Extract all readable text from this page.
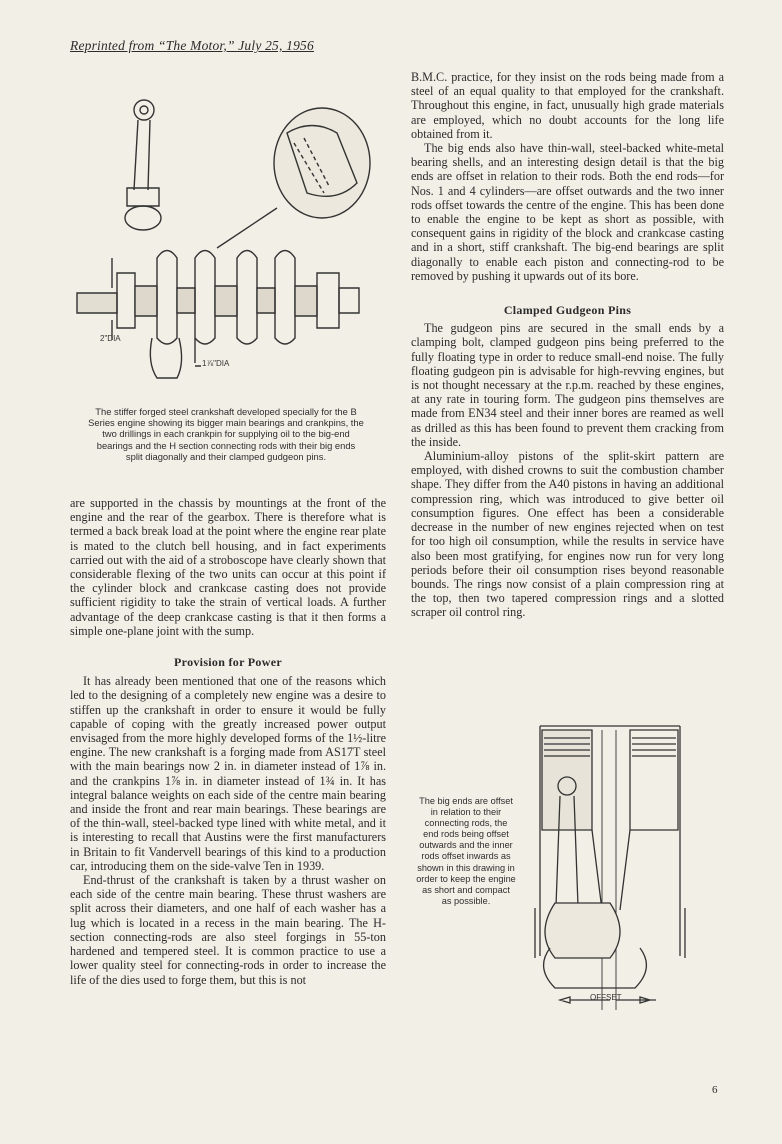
Reprinted from “The Motor,” July 25, 1956
2"DIA
1⅞"DIA
The stiffer forged steel crankshaft developed specially for the B Series engine showing its bigger main bearings and crankpins, the two drillings in each crankpin for supplying oil to the big-end bearings and the H section connecting rods with their big ends split diagonally and their clamped gudgeon pins.

are supported in the chassis by mountings at the front of the engine and the rear of the gearbox. There is therefore what is termed a back break load at the point where the engine rear plate is mated to the clutch bell housing, and in fact experiments carried out with the aid of a stroboscope have clearly shown that considerable flexing of the two units can occur at this point if the cylinder block and crankcase casting does not provide sufficient rigidity to take the strain of vertical loads. A further advantage of the deep crankcase casting is that it then forms a simple one-plane joint with the sump.

Provision for Power

It has already been mentioned that one of the reasons which led to the designing of a completely new engine was a desire to stiffen up the crankshaft in order to ensure it would be fully capable of coping with the greatly increased power output envisaged from the more highly developed forms of the 1½-litre engine. The new crankshaft is a forging made from AS17T steel with the main bearings now 2 in. in diameter instead of 1⅞ in. and the crankpins 1⅞ in. in diameter instead of 1¾ in. It has integral balance weights on each side of the centre main bearing and inside the front and rear main bearings. These bearings are of the thin-wall, steel-backed type lined with white metal, and it is interesting to recall that Austins were the first manufacturers in Britain to fit Vandervell bearings of this kind to a production car, introducing them on the side-valve Ten in 1939.

End-thrust of the crankshaft is taken by a thrust washer on each side of the centre main bearing. These thrust washers are split across their diameters, and one half of each washer has a lug which is located in a recess in the main bearing. The H-section connecting-rods are also steel forgings in 55-ton hardened and tempered steel. It is common practice to use a lower quality steel for connecting-rods in order to increase the life of the dies used to forge them, but this is not

B.M.C. practice, for they insist on the rods being made from a steel of an equal quality to that employed for the crankshaft. Throughout this engine, in fact, unusually high grade materials are employed, which no doubt accounts for the long life obtained from it.

The big ends also have thin-wall, steel-backed white-metal bearing shells, and an interesting design detail is that the big ends are offset in relation to their rods. Both the end rods—for Nos. 1 and 4 cylinders—are offset outwards and the two inner rods offset towards the centre of the engine. This has been done to enable the engine to be kept as short as possible, with consequent gains in rigidity of the block and crankcase casting and in a short, stiff crankshaft. The big-end bearings are split diagonally to enable each piston and connecting-rod to be removed by pushing it upwards out of its bore.

Clamped Gudgeon Pins

The gudgeon pins are secured in the small ends by a clamping bolt, clamped gudgeon pins being preferred to the fully floating type in order to reduce small-end noise. The fully floating gudgeon pin is advisable for high-revving engines, but is not thought necessary at the r.p.m. reached by these engines, at any rate in touring form. The gudgeon pins themselves are made from EN34 steel and their inner bores are reamed as well as drilled as this has been found to prevent them cracking from the inside.

Aluminium-alloy pistons of the split-skirt pattern are employed, with dished crowns to suit the combustion chamber shape. They differ from the A40 pistons in having an additional compression ring, which was introduced to give better oil consumption figures. One effect has been a considerable decrease in the number of new engines rejected when on test for too high oil consumption, while the results in service have also been most gratifying, for engines now run for very long periods before their oil consumption rises beyond reasonable bounds. The rings now consist of a plain compression ring at the top, then two tapered compression rings and a slotted scraper oil control ring.

The big ends are offset in relation to their connecting rods, the end rods being offset outwards and the inner rods offset inwards as shown in this drawing in order to keep the engine as short and compact as possible.
OFFSET
6
